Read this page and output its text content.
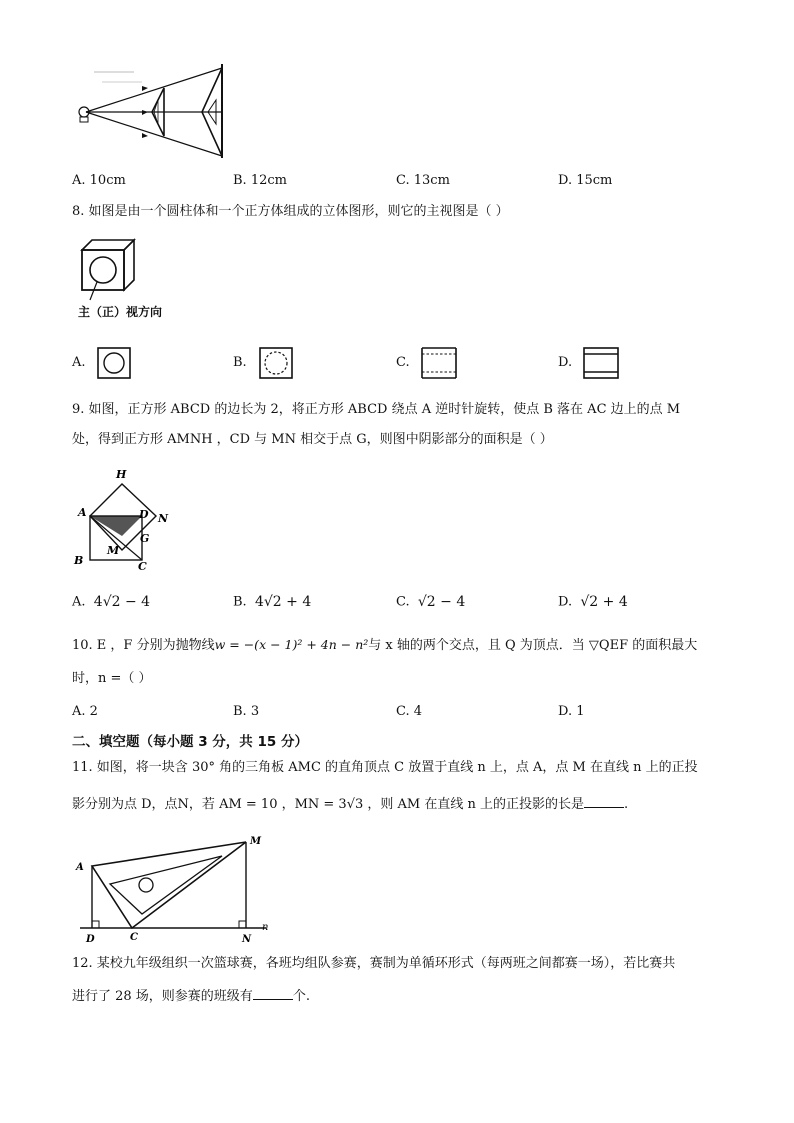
A. 10cm	B. 12cm	C. 13cm	D. 15cm
8. 如图是由一个圆柱体和一个正方体组成的立体图形，则它的主视图是（ ）
主（正）视方向
A.	B.	C.	D.
9. 如图，正方形 ABCD 的边长为 2，将正方形 ABCD 绕点 A 逆时针旋转，使点 B 落在 AC 边上的点 M
处，得到正方形 AMNH ，CD 与 MN 相交于点 G，则图中阴影部分的面积是（ ）
H
A	D N
G
M
B	C
A. 4√2 − 4	B. 4√2 + 4	C. √2 − 4	D. √2 + 4
10. E ，F 分别为抛物线w = −(x − 1)² + 4n − n²与 x 轴的两个交点，且 Q 为顶点．当 ▽QEF 的面积最大
时，n =（ ）
A. 2	B. 3	C. 4	D. 1
二、填空题（每小题 3 分，共 15 分）
11. 如图，将一块含 30° 角的三角板 AMC 的直角顶点 C 放置于直线 n 上，点 A，点 M 在直线 n 上的正投
影分别为点 D，点N，若 AM = 10 ，MN = 3√3 ，则 AM 在直线 n 上的正投影的长是	.
A
M
D	C	N
n
12. 某校九年级组织一次篮球赛，各班均组队参赛，赛制为单循环形式（每两班之间都赛一场），若比赛共
进行了 28 场，则参赛的班级有	个.
